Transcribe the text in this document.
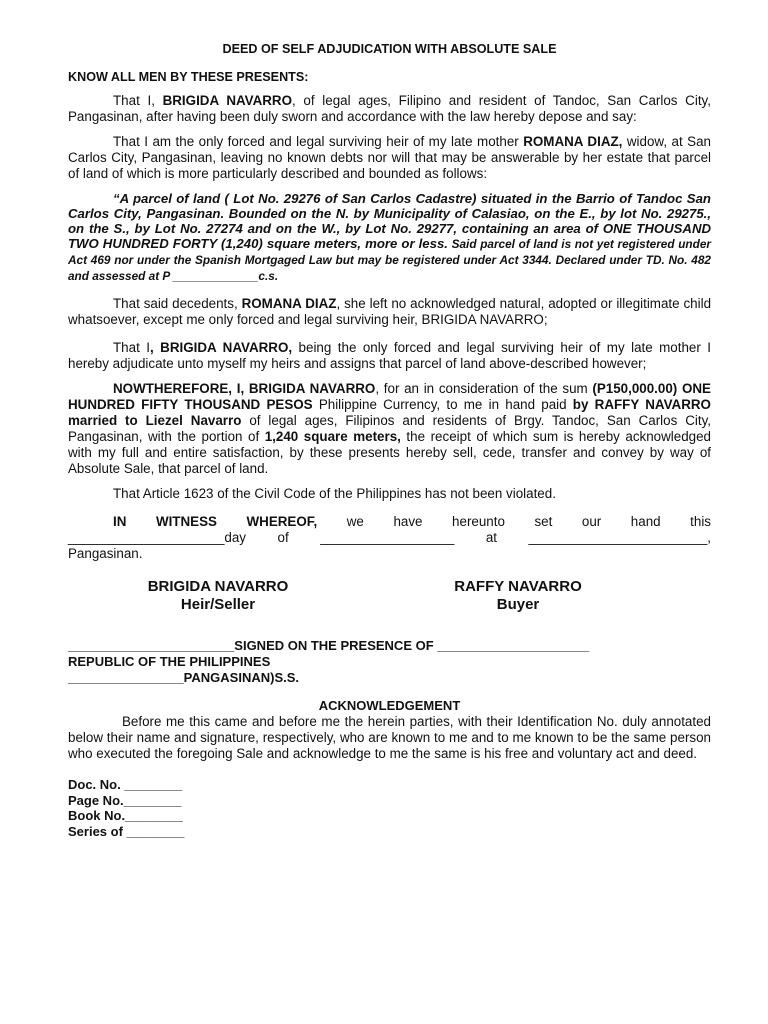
DEED OF SELF ADJUDICATION WITH ABSOLUTE SALE
KNOW ALL MEN BY THESE PRESENTS:

That I, BRIGIDA NAVARRO, of legal ages, Filipino and resident of Tandoc, San Carlos City, Pangasinan, after having been duly sworn and accordance with the law hereby depose and say:

That I am the only forced and legal surviving heir of my late mother ROMANA DIAZ, widow, at San Carlos City, Pangasinan, leaving no known debts nor will that may be answerable by her estate that parcel of land of which is more particularly described and bounded as follows:

“A parcel of land ( Lot No. 29276 of San Carlos Cadastre) situated in the Barrio of Tandoc San Carlos City, Pangasinan. Bounded on the N. by Municipality of Calasiao, on the E., by lot No. 29275., on the S., by Lot No. 27274 and on the W., by Lot No. 29277, containing an area of ONE THOUSAND TWO HUNDRED FORTY (1,240) square meters, more or less. Said parcel of land is not yet registered under Act 469 nor under the Spanish Mortgaged Law but may be registered under Act 3344. Declared under TD. No. 482 and assessed at P _____________c.s.

That said decedents, ROMANA DIAZ, she left no acknowledged natural, adopted or illegitimate child whatsoever, except me only forced and legal surviving heir, BRIGIDA NAVARRO;

That I, BRIGIDA NAVARRO, being the only forced and legal surviving heir of my late mother I hereby adjudicate unto myself my heirs and assigns that parcel of land above-described however;

NOWTHEREFORE, I, BRIGIDA NAVARRO, for an in consideration of the sum (P150,000.00) ONE HUNDRED FIFTY THOUSAND PESOS Philippine Currency, to me in hand paid by RAFFY NAVARRO married to Liezel Navarro of legal ages, Filipinos and residents of Brgy. Tandoc, San Carlos City, Pangasinan, with the portion of 1,240 square meters, the receipt of which sum is hereby acknowledged with my full and entire satisfaction, by these presents hereby sell, cede, transfer and convey by way of Absolute Sale, that parcel of land.

That Article 1623 of the Civil Code of the Philippines has not been violated.

IN WITNESS WHEREOF, we have hereunto set our hand this

_____________________day of __________________ at ________________________,

Pangasinan.

BRIGIDA NAVARRO
Heir/Seller
RAFFY NAVARRO
Buyer
_______________________SIGNED ON THE PRESENCE OF _____________________
REPUBLIC OF THE PHILIPPINES
________________PANGASINAN)S.S.
ACKNOWLEDGEMENT

Before me this came and before me the herein parties, with their Identification No. duly annotated below their name and signature, respectively, who are known to me and to me known to be the same person who executed the foregoing Sale and acknowledge to me the same is his free and voluntary act and deed.

Doc. No. ________
Page No.________
Book No.________
Series of ________
